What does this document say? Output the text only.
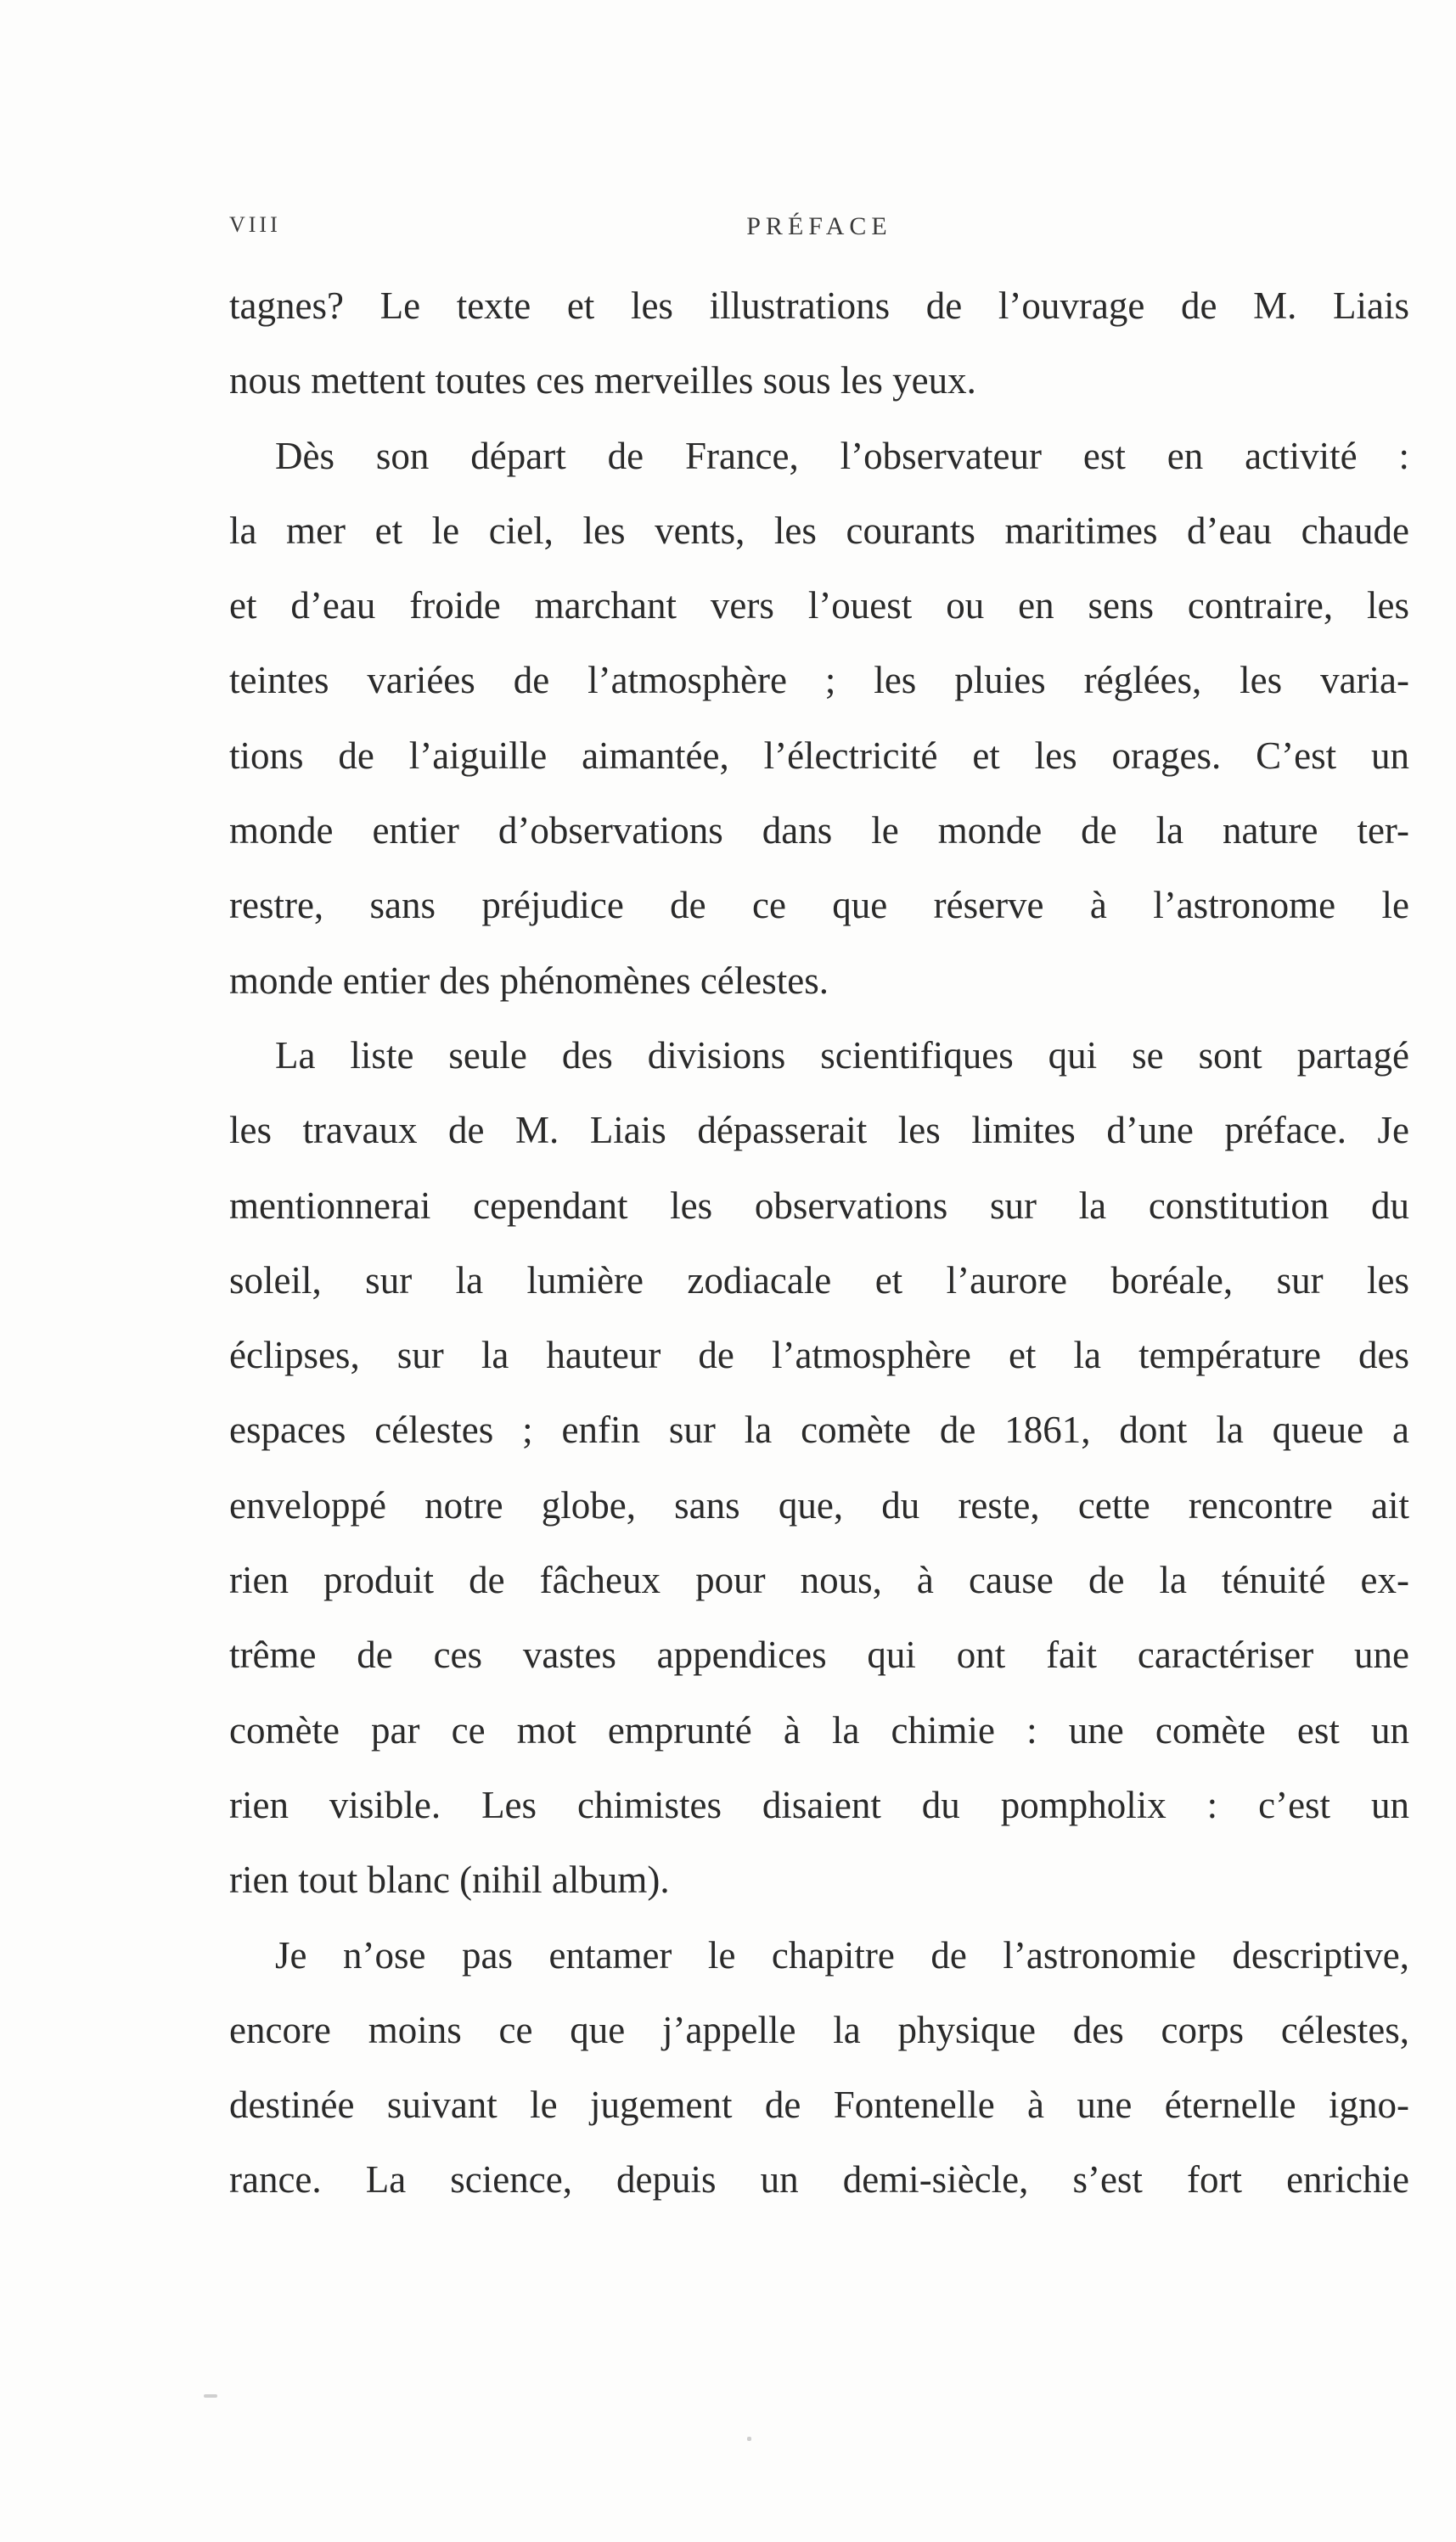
VIII	PRÉFACE
tagnes? Le texte et les illustrations de l’ouvrage de M. Liais
nous mettent toutes ces merveilles sous les yeux.
Dès son départ de France, l’observateur est en activité :
la mer et le ciel, les vents, les courants maritimes d’eau chaude
et d’eau froide marchant vers l’ouest ou en sens contraire, les
teintes variées de l’atmosphère ; les pluies réglées, les varia-
tions de l’aiguille aimantée, l’électricité et les orages. C’est un
monde entier d’observations dans le monde de la nature ter-
restre, sans préjudice de ce que réserve à l’astronome le
monde entier des phénomènes célestes.
La liste seule des divisions scientifiques qui se sont partagé
les travaux de M. Liais dépasserait les limites d’une préface. Je
mentionnerai cependant les observations sur la constitution du
soleil, sur la lumière zodiacale et l’aurore boréale, sur les
éclipses, sur la hauteur de l’atmosphère et la température des
espaces célestes ; enfin sur la comète de 1861, dont la queue a
enveloppé notre globe, sans que, du reste, cette rencontre ait
rien produit de fâcheux pour nous, à cause de la ténuité ex-
trême de ces vastes appendices qui ont fait caractériser une
comète par ce mot emprunté à la chimie : une comète est un
rien visible. Les chimistes disaient du pompholix : c’est un
rien tout blanc (nihil album).
Je n’ose pas entamer le chapitre de l’astronomie descriptive,
encore moins ce que j’appelle la physique des corps célestes,
destinée suivant le jugement de Fontenelle à une éternelle igno-
rance. La science, depuis un demi-siècle, s’est fort enrichie
